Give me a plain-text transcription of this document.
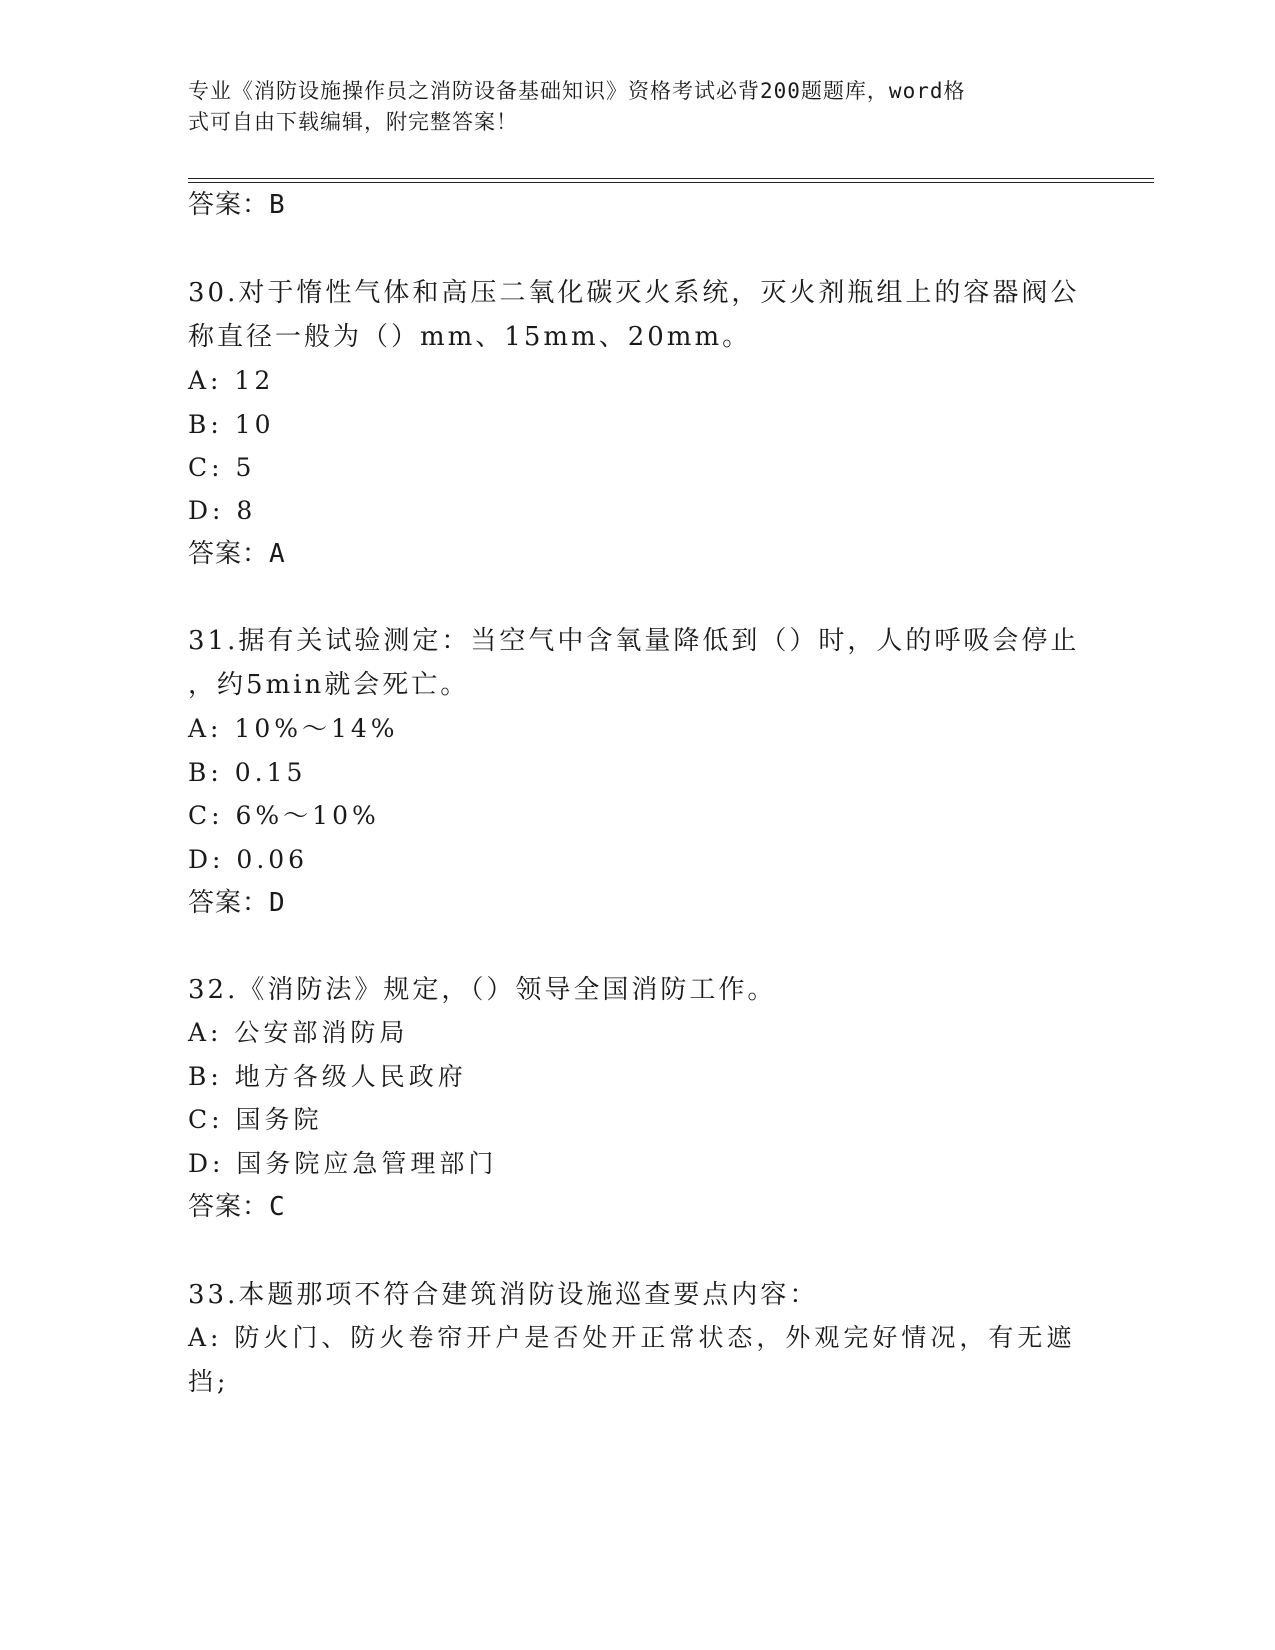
专业《消防设施操作员之消防设备基础知识》资格考试必背200题题库，word格
式可自由下载编辑，附完整答案！
答案：B
30.对于惰性气体和高压二氧化碳灭火系统，灭火剂瓶组上的容器阀公
称直径一般为（）mm、15mm、20mm。
A: 12
B: 10
C: 5
D: 8
答案：A
31.据有关试验测定：当空气中含氧量降低到（）时，人的呼吸会停止
，约5min就会死亡。
A: 10%～14%
B: 0.15
C: 6%～10%
D: 0.06
答案：D
32.《消防法》规定，（）领导全国消防工作。
A: 公安部消防局
B: 地方各级人民政府
C: 国务院
D: 国务院应急管理部门
答案：C
33.本题那项不符合建筑消防设施巡查要点内容：
A: 防火门、防火卷帘开户是否处开正常状态，外观完好情况，有无遮
挡;
